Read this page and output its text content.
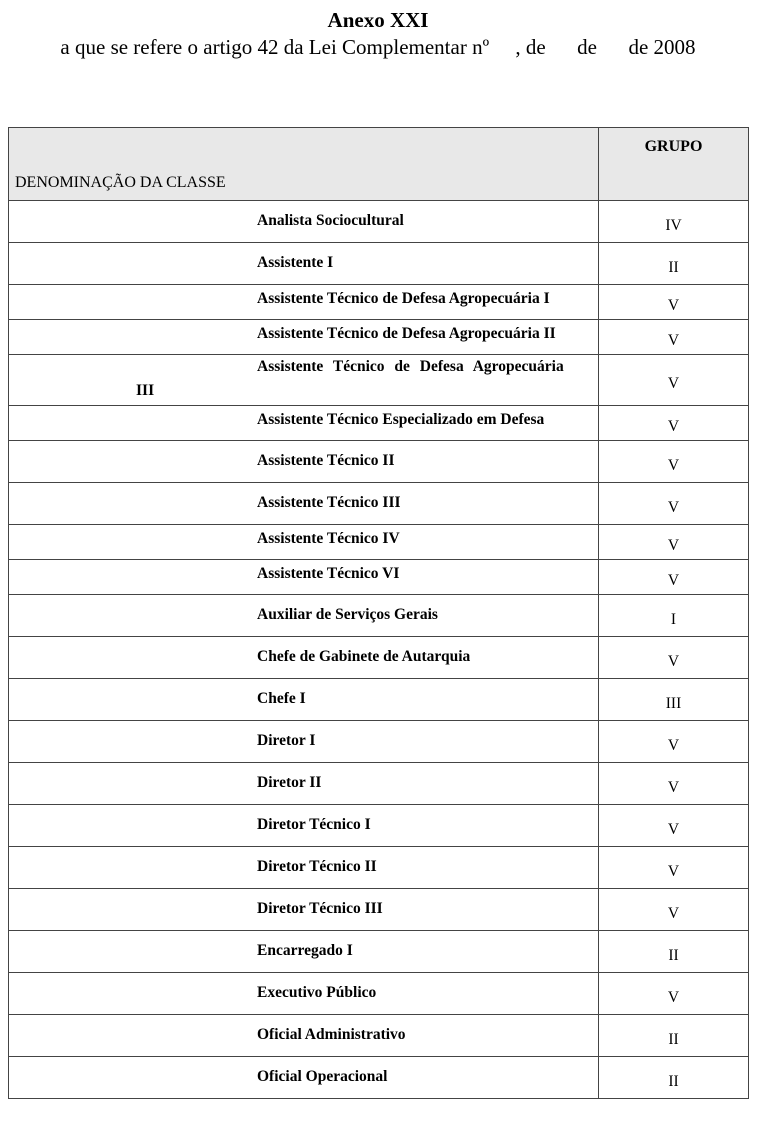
Anexo XXI
a que se refere o artigo 42 da Lei Complementar nº     , de      de      de 2008
DENOMINAÇÃO DA CLASSE	GRUPO
Analista Sociocultural	IV
Assistente I	II
Assistente Técnico de Defesa Agropecuária I	V
Assistente Técnico de Defesa Agropecuária II	V

Assistente Técnico de Defesa Agropecuária
III	V
Assistente Técnico Especializado em Defesa	V
Assistente Técnico II	V
Assistente Técnico III	V
Assistente Técnico IV	V
Assistente Técnico VI	V
Auxiliar de Serviços Gerais	I
Chefe de Gabinete de Autarquia	V
Chefe I	III
Diretor I	V
Diretor II	V
Diretor Técnico I	V
Diretor Técnico II	V
Diretor Técnico III	V
Encarregado I	II
Executivo Público	V
Oficial Administrativo	II
Oficial Operacional	II
